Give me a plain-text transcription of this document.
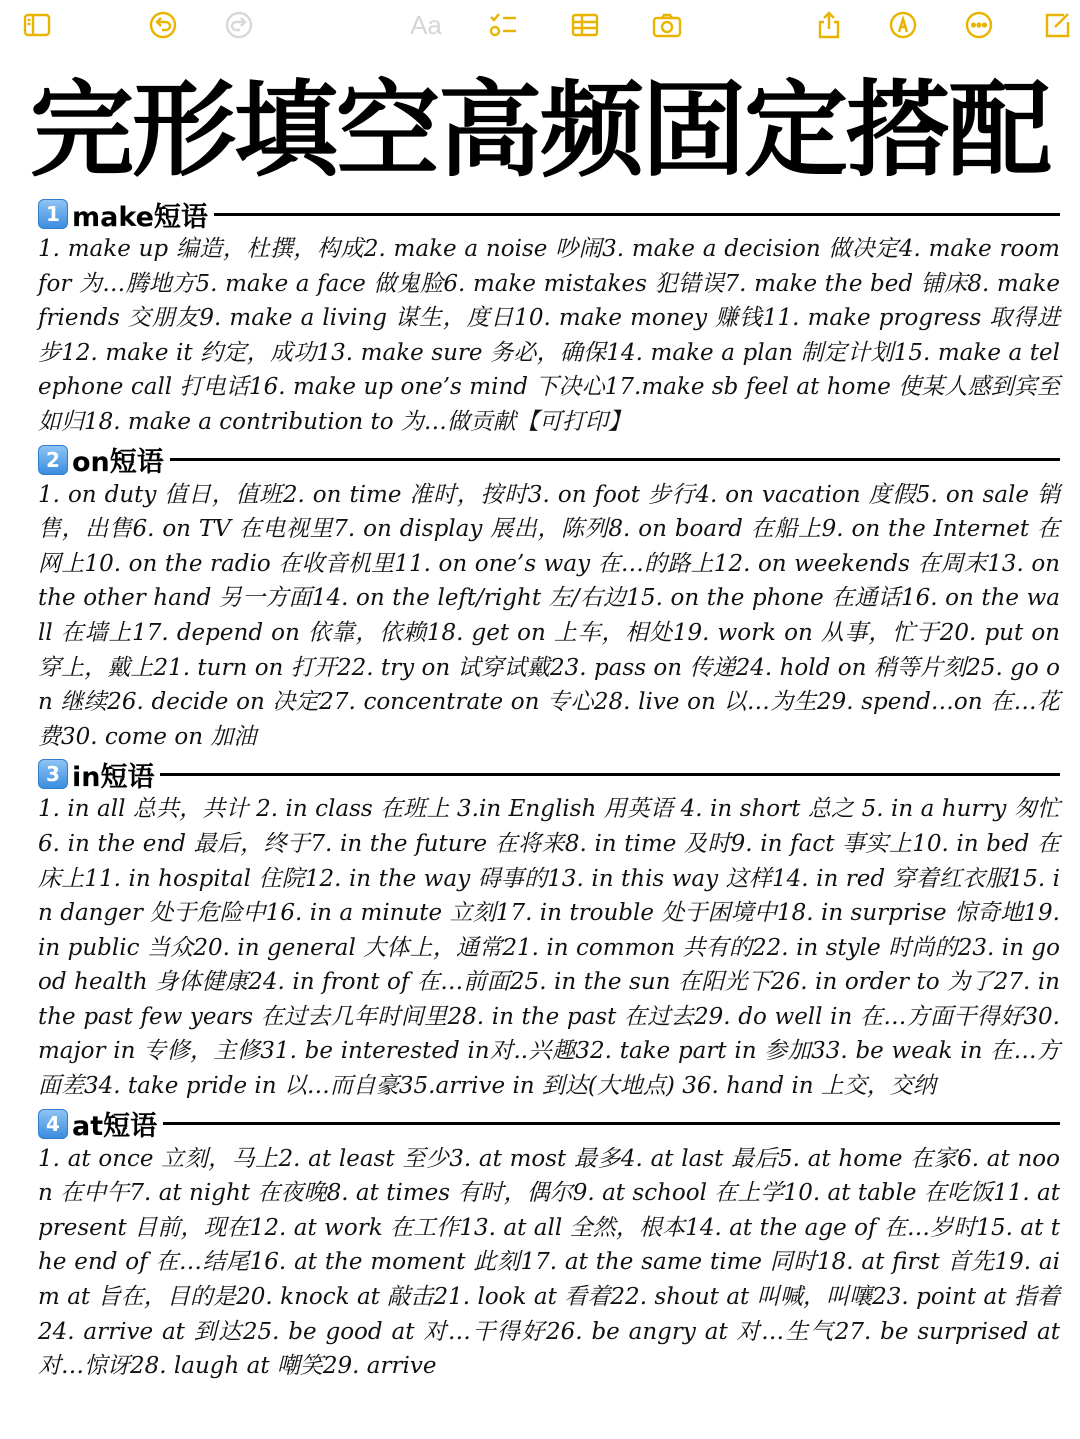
Aa
完形填空高频固定搭配
1 make短语

1. make up 编造，杜撰，构成2. make a noise 吵闹3. make a decision 做决定4. make room for 为…腾地方5. make a face 做鬼脸6. make mistakes 犯错误7. make the bed 铺床8. make friends 交朋友9. make a living 谋生，度日10. make money 赚钱11. make progress 取得进步12. make it 约定，成功13. make sure 务必，确保14. make a plan 制定计划15. make a telephone call 打电话16. make up one’s mind 下决心17.make sb feel at home 使某人感到宾至如归18. make a contribution to 为…做贡献【可打印】

2 on短语

1. on duty 值日，值班2. on time 准时，按时3. on foot 步行4. on vacation 度假5. on sale 销售，出售6. on TV 在电视里7. on display 展出，陈列8. on board 在船上9. on the Internet 在网上10. on the radio 在收音机里11. on one’s way 在…的路上12. on weekends 在周末13. on the other hand 另一方面14. on the left/right 左/右边15. on the phone 在通话16. on the wall 在墙上17. depend on 依靠，依赖18. get on 上车，相处19. work on 从事，忙于20. put on 穿上，戴上21. turn on 打开22. try on 试穿试戴23. pass on 传递24. hold on 稍等片刻25. go on 继续26. decide on 决定27. concentrate on 专心28. live on 以…为生29. spend…on 在…花费30. come on 加油

3 in短语

1. in all 总共，共计 2. in class 在班上 3.in English 用英语 4. in short 总之 5. in a hurry 匆忙6. in the end 最后，终于7. in the future 在将来8. in time 及时9. in fact 事实上10. in bed 在床上11. in hospital 住院12. in the way 碍事的13. in this way 这样14. in red 穿着红衣服15. in danger 处于危险中16. in a minute 立刻17. in trouble 处于困境中18. in surprise 惊奇地19. in public 当众20. in general 大体上，通常21. in common 共有的22. in style 时尚的23. in good health 身体健康24. in front of 在…前面25. in the sun 在阳光下26. in order to 为了27. in the past few years 在过去几年时间里28. in the past 在过去29. do well in 在…方面干得好30. major in 专修，主修31. be interested in对..兴趣32. take part in 参加33. be weak in 在…方面差34. take pride in 以…而自豪35.arrive in 到达(大地点) 36. hand in 上交，交纳

4 at短语

1. at once 立刻，马上2. at least 至少3. at most 最多4. at last 最后5. at home 在家6. at noon 在中午7. at night 在夜晚8. at times 有时，偶尔9. at school 在上学10. at table 在吃饭11. at present 目前，现在12. at work 在工作13. at all 全然，根本14. at the age of 在…岁时15. at the end of 在…结尾16. at the moment 此刻17. at the same time 同时18. at first 首先19. aim at 旨在，目的是20. knock at 敲击21. look at 看着22. shout at 叫喊，叫嚷23. point at 指着24. arrive at 到达25. be good at 对…干得好26. be angry at 对…生气27. be surprised at对…惊讶28. laugh at 嘲笑29. arrive
